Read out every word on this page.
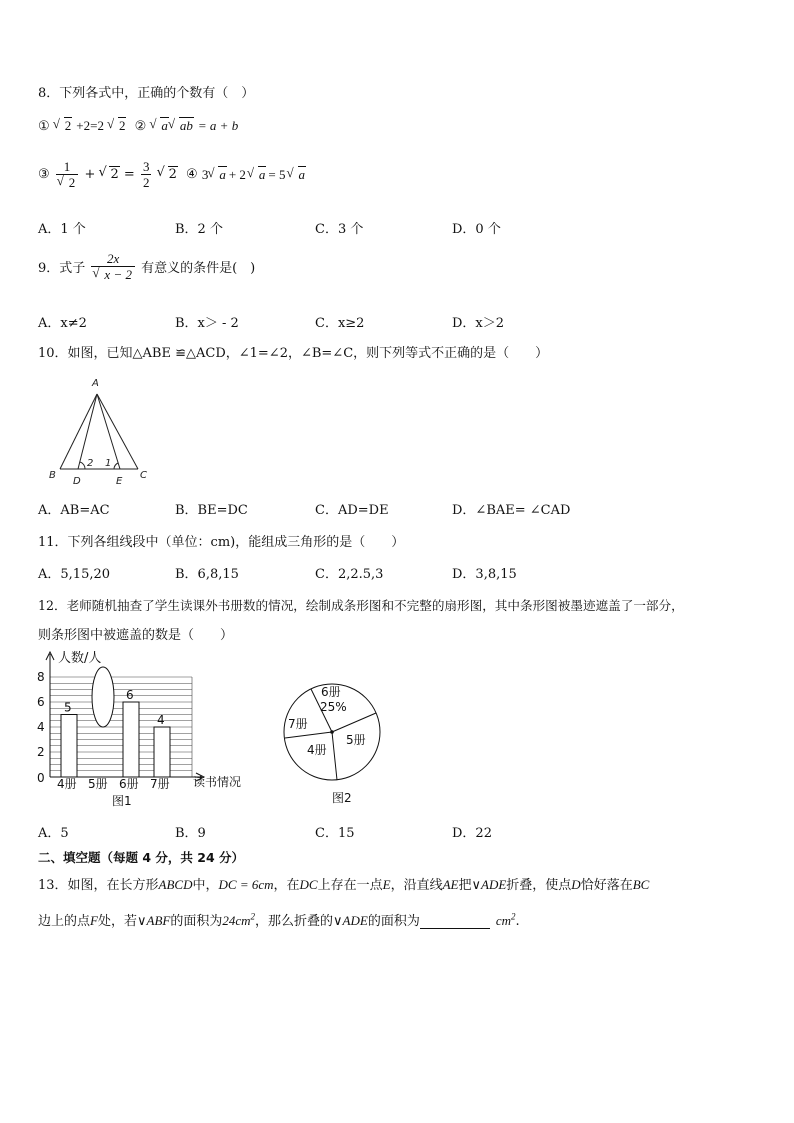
8．下列各式中，正确的个数有（　）
① √ 2 +2=2 √ 2 ② √ a √ ab = a + b
③ 1
√ 2 + √ $2 = \frac{3}{2}$ √ 2 ④ 3 √ a + 2 √ a = 5 √ a
A．1 个	B．2 个	C．3 个	D．0 个
9．式子 2x
√ x − 2 有意义的条件是(　)
A．x≠2	B．x＞ - 2	C．x≥2	D．x＞2
10．如图，已知△ABE ≌△ACD，∠1=∠2，∠B=∠C，则下列等式不正确的是（　　）
A
B	C
D	E
2 1
A．AB=AC	B．BE=DC	C．AD=DE	D．∠BAE= ∠CAD
11．下列各组线段中（单位：cm)，能组成三角形的是（　　）
A．5,15,20	B．6,8,15	C．2,2.5,3	D．3,8,15
12．老师随机抽查了学生读课外书册数的情况，绘制成条形图和不完整的扇形图，其中条形图被墨迹遮盖了一部分，
则条形图中被遮盖的数是（　　）
0
2
4
6
8
4册 5册 6册 7册
5
6
4
人数/人
读书情况
图1
6册
25%
5册
4册
7册
图2
A．5	B．9	C．15	D．22
二、填空题（每题 4 分，共 24 分）
13．如图，在长方形ABCD中，DC = 6cm，在DC上存在一点E，沿直线AE把∨ADE折叠，使点D恰好落在BC
边上的点F处，若∨ABF的面积为$24cm^2$，那么折叠的∨ADE的面积为	$cm^2$.
